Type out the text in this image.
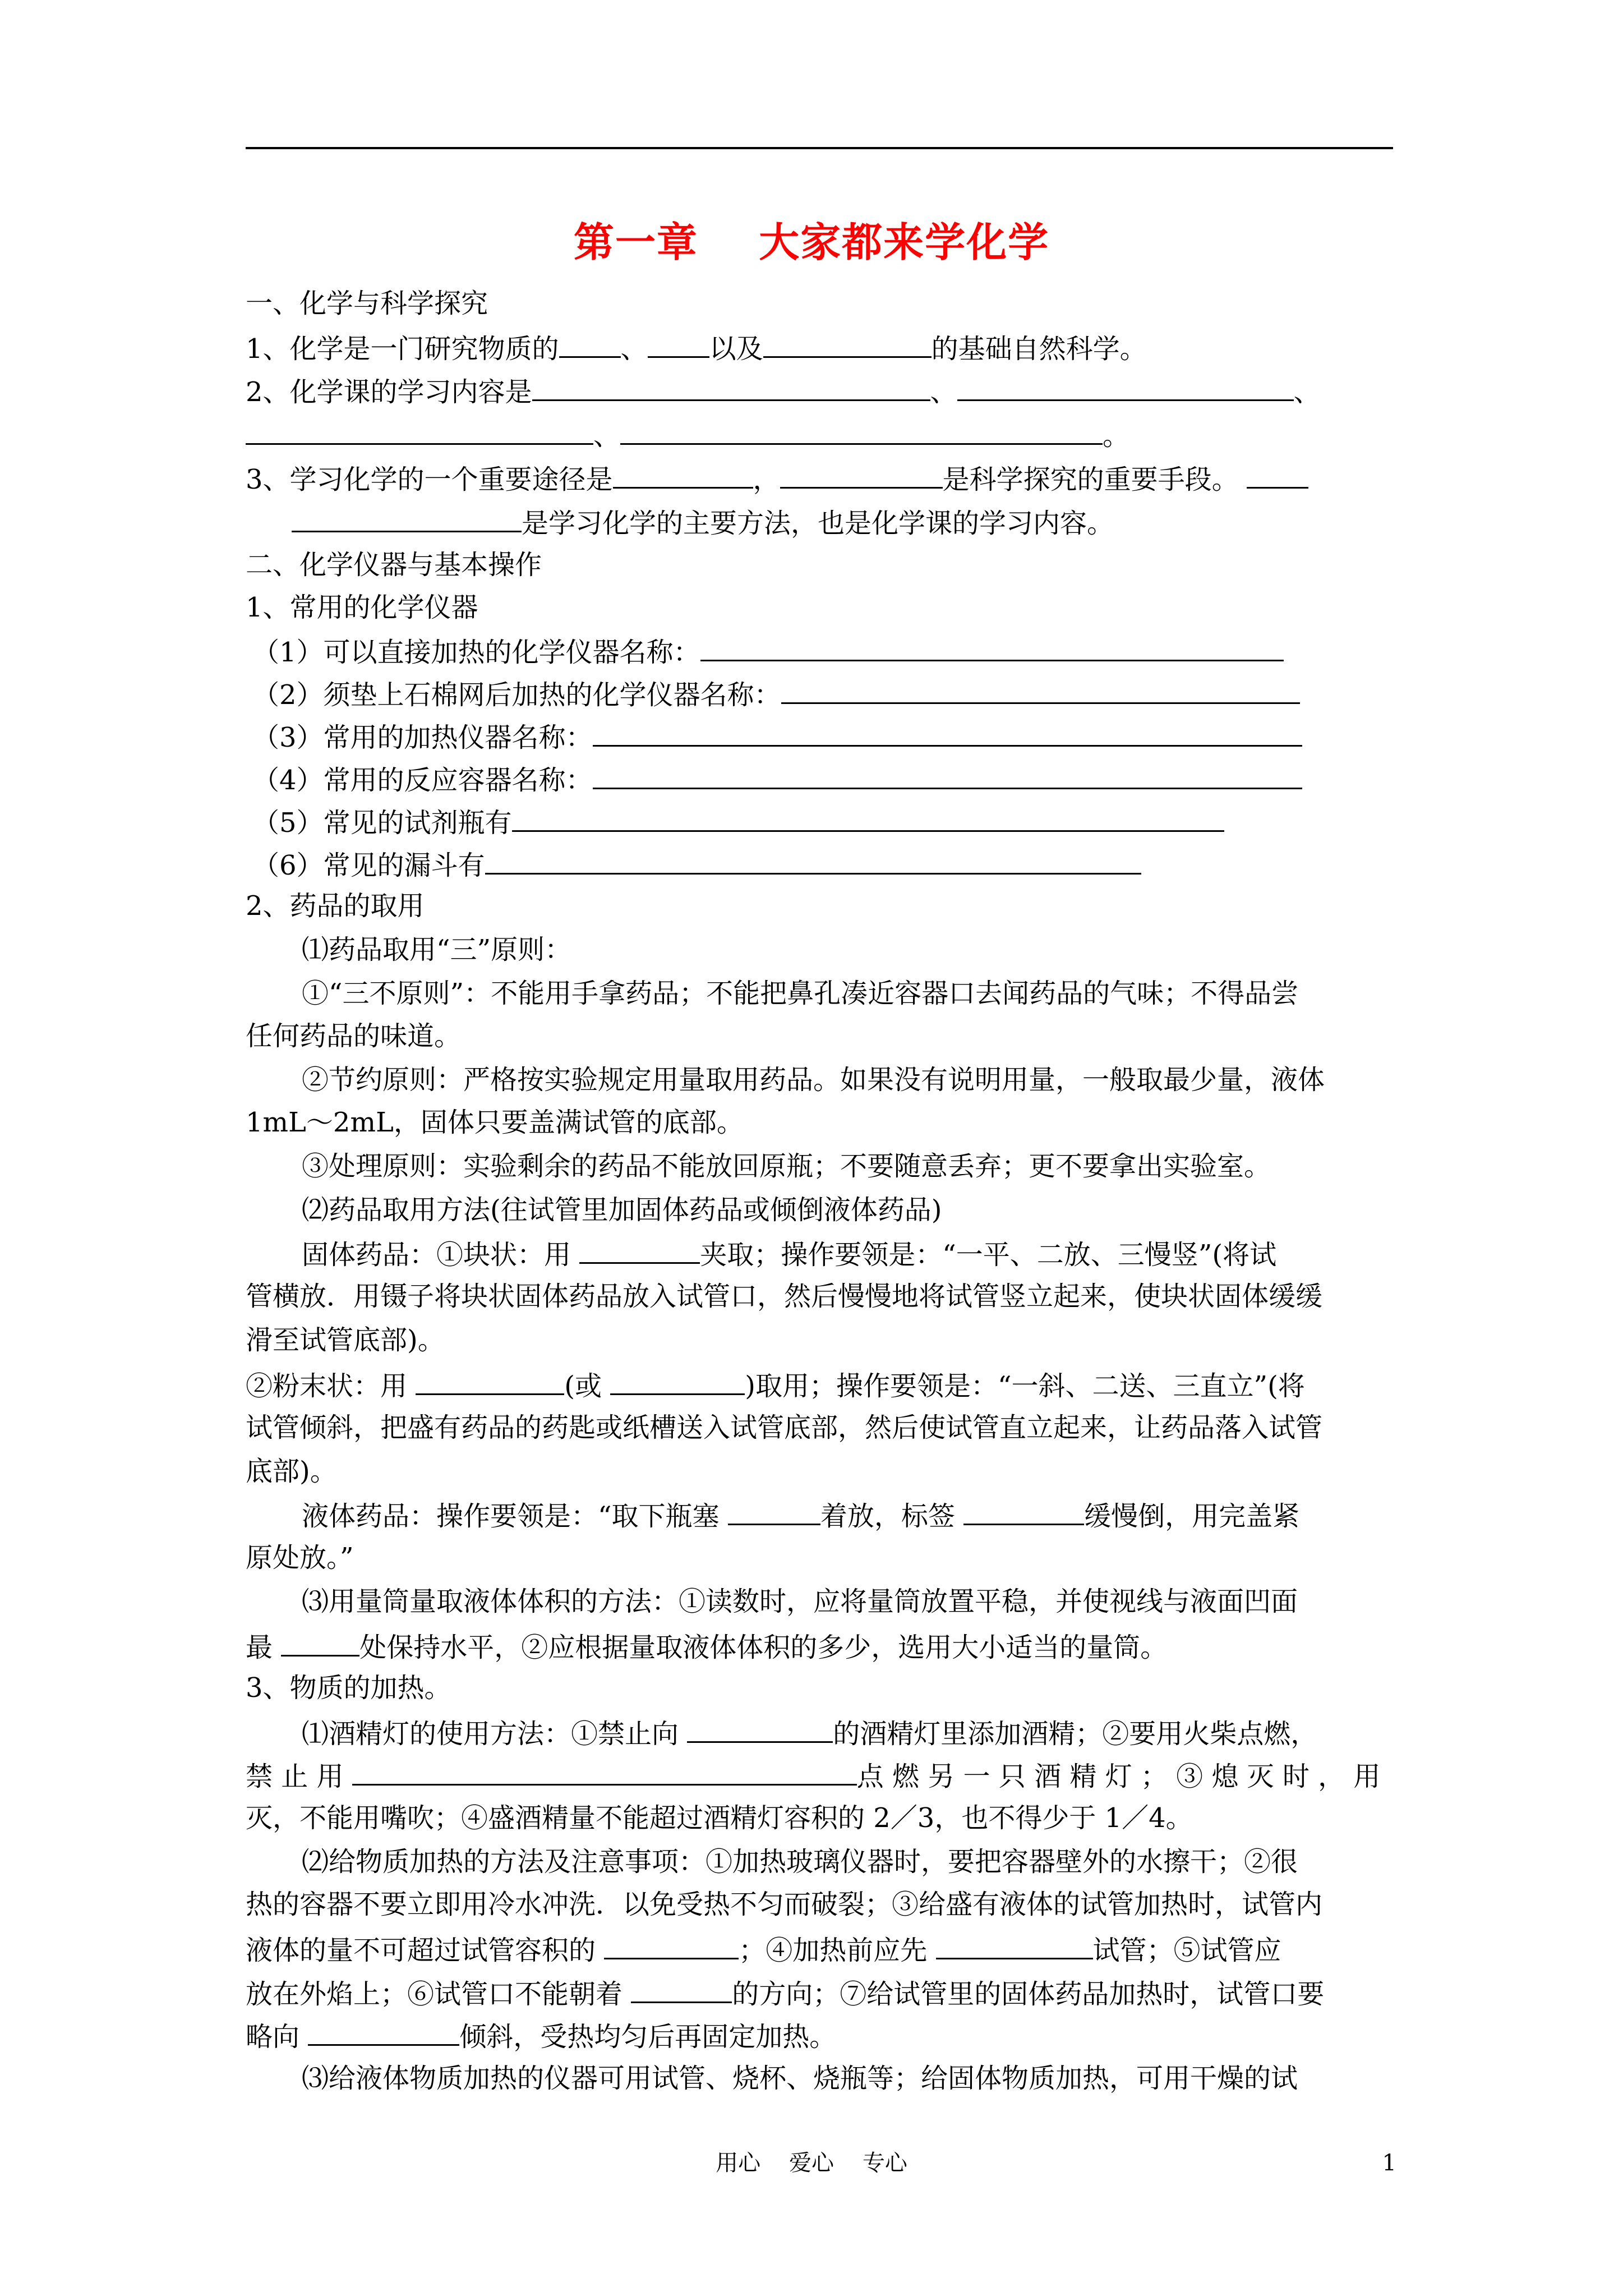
第一章    大家都来学化学
一、化学与科学探究
1、化学是一门研究物质的 、 以及	的基础自然科学。
2、化学课的学习内容是	、	、
、	。
3、学习化学的一个重要途径是	，	是科学探究的重要手段。
是学习化学的主要方法，也是化学课的学习内容。
二、化学仪器与基本操作
1、常用的化学仪器
（1）可以直接加热的化学仪器名称：
（2）须垫上石棉网后加热的化学仪器名称：
（3）常用的加热仪器名称：
（4）常用的反应容器名称：
（5）常见的试剂瓶有
（6）常见的漏斗有
2、药品的取用
⑴药品取用“三”原则：
①“三不原则”：不能用手拿药品；不能把鼻孔凑近容器口去闻药品的气味；不得品尝
任何药品的味道。
②节约原则：严格按实验规定用量取用药品。如果没有说明用量，一般取最少量，液体
1mL～2mL，固体只要盖满试管的底部。
③处理原则：实验剩余的药品不能放回原瓶；不要随意丢弃；更不要拿出实验室。
⑵药品取用方法(往试管里加固体药品或倾倒液体药品)
固体药品：①块状：用	夹取；操作要领是：“一平、二放、三慢竖”(将试
管横放．用镊子将块状固体药品放入试管口，然后慢慢地将试管竖立起来，使块状固体缓缓
滑至试管底部)。
②粉末状：用	(或	)取用；操作要领是：“一斜、二送、三直立”(将
试管倾斜，把盛有药品的药匙或纸槽送入试管底部，然后使试管直立起来，让药品落入试管
底部)。
液体药品：操作要领是：“取下瓶塞	着放，标签	缓慢倒，用完盖紧
原处放。”
⑶用量筒量取液体体积的方法：①读数时，应将量筒放置平稳，并使视线与液面凹面
最	处保持水平，②应根据量取液体体积的多少，选用大小适当的量筒。
3、物质的加热。
⑴酒精灯的使用方法：①禁止向	的酒精灯里添加酒精；②要用火柴点燃，
禁 止 用	点 燃 另 一 只 酒 精 灯 ； ③ 熄 灭 时 ， 用
灭，不能用嘴吹；④盛酒精量不能超过酒精灯容积的 2／3，也不得少于 1／4。
⑵给物质加热的方法及注意事项：①加热玻璃仪器时，要把容器壁外的水擦干；②很
热的容器不要立即用冷水冲洗．以免受热不匀而破裂；③给盛有液体的试管加热时，试管内
液体的量不可超过试管容积的	；④加热前应先	试管；⑤试管应
放在外焰上；⑥试管口不能朝着	的方向；⑦给试管里的固体药品加热时，试管口要
略向	倾斜，受热均匀后再固定加热。
⑶给液体物质加热的仪器可用试管、烧杯、烧瓶等；给固体物质加热，可用干燥的试
用心    爱心    专心	1
